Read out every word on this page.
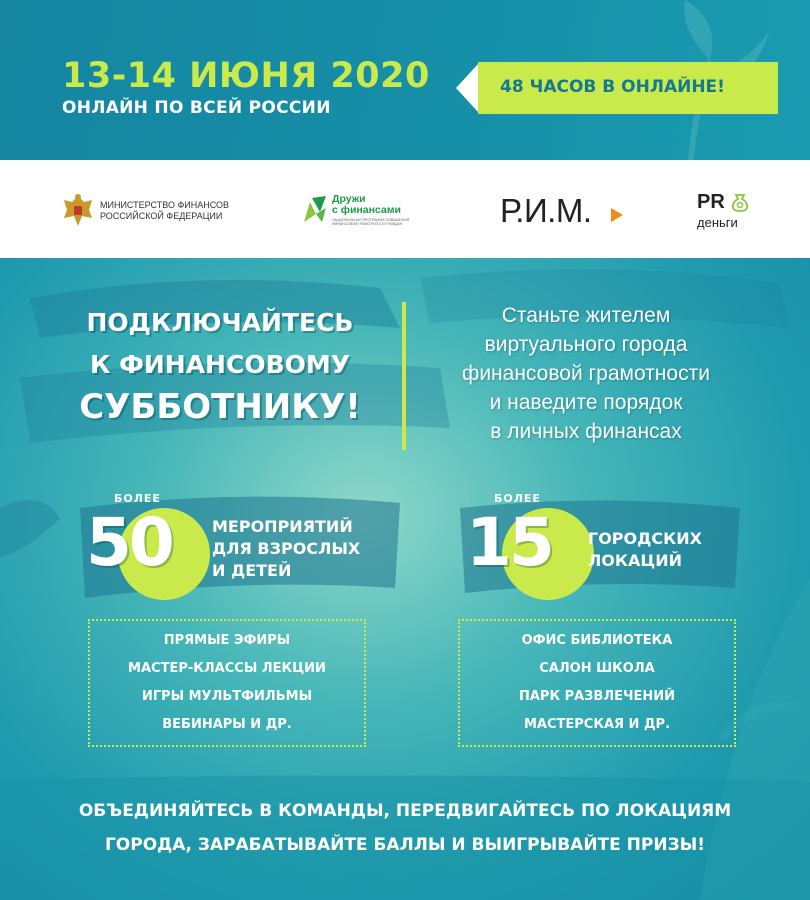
13-14 ИЮНЯ 2020
ОНЛАЙН ПО ВСЕЙ РОССИИ
48 ЧАСОВ В ОНЛАЙНЕ!
МИНИСТЕРСТВО ФИНАНСОВ
РОССИЙСКОЙ ФЕДЕРАЦИИ
Дружи
с финансами
НАЦИОНАЛЬНАЯ ПРОГРАММА ПОВЫШЕНИЯ
ФИНАНСОВОЙ ГРАМОТНОСТИ ГРАЖДАН	Р.И.М.	PR
деньги
ПОДКЛЮЧАЙТЕСЬ
К ФИНАНСОВОМУ
СУББОТНИКУ!
Станьте жителем
виртуального города
финансовой грамотности
и наведите порядок
в личных финансах
БОЛЕЕ
50	МЕРОПРИЯТИЙ
ДЛЯ ВЗРОСЛЫХ
И ДЕТЕЙ
БОЛЕЕ
15 ГОРОДСКИХ
ЛОКАЦИЙ
ПРЯМЫЕ ЭФИРЫ
МАСТЕР-КЛАССЫ ЛЕКЦИИ
ИГРЫ МУЛЬТФИЛЬМЫ
ВЕБИНАРЫ И ДР.
ОФИС БИБЛИОТЕКА
САЛОН ШКОЛА
ПАРК РАЗВЛЕЧЕНИЙ
МАСТЕРСКАЯ И ДР.
ОБЪЕДИНЯЙТЕСЬ В КОМАНДЫ, ПЕРЕДВИГАЙТЕСЬ ПО ЛОКАЦИЯМ
ГОРОДА, ЗАРАБАТЫВАЙТЕ БАЛЛЫ И ВЫИГРЫВАЙТЕ ПРИЗЫ!
